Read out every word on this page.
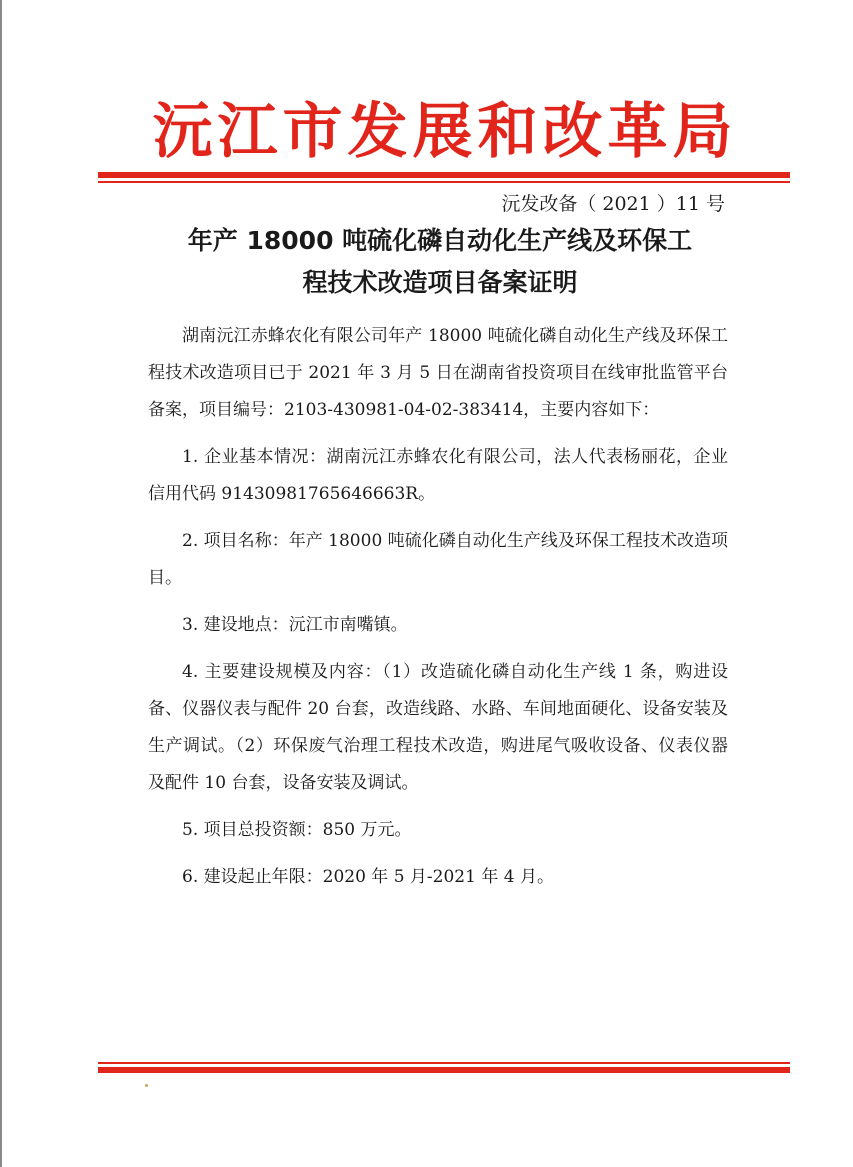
沅江市发展和改革局
沅发改备（ 2021 ）11 号
年产 18000 吨硫化磷自动化生产线及环保工
程技术改造项目备案证明

湖南沅江赤蜂农化有限公司年产 18000 吨硫化磷自动化生产线及环保工程技术改造项目已于 2021 年 3 月 5 日在湖南省投资项目在线审批监管平台备案，项目编号：2103-430981-04-02-383414，主要内容如下：

1. 企业基本情况：湖南沅江赤蜂农化有限公司，法人代表杨丽花，企业信用代码 91430981765646663R。

2. 项目名称：年产 18000 吨硫化磷自动化生产线及环保工程技术改造项目。

3. 建设地点：沅江市南嘴镇。

4. 主要建设规模及内容：（1）改造硫化磷自动化生产线 1 条，购进设备、仪器仪表与配件 20 台套，改造线路、水路、车间地面硬化、设备安装及生产调试。（2）环保废气治理工程技术改造，购进尾气吸收设备、仪表仪器及配件 10 台套，设备安装及调试。

5. 项目总投资额：850 万元。

6. 建设起止年限：2020 年 5 月-2021 年 4 月。
